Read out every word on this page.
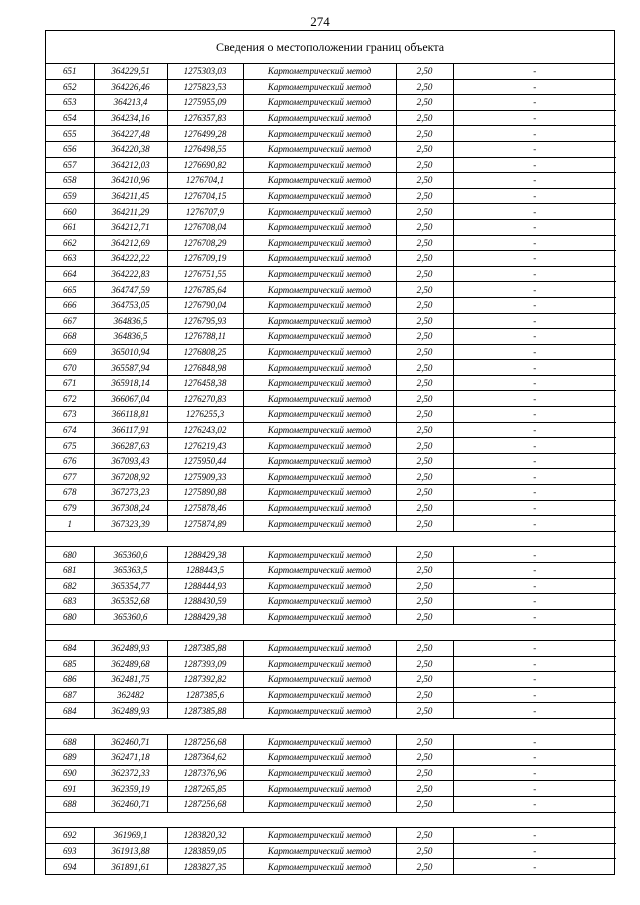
274
Сведения о местоположении границ объекта
651	364229,51	1275303,03	Картометрический метод	2,50	-
652	364226,46	1275823,53	Картометрический метод	2,50	-
653	364213,4	1275955,09	Картометрический метод	2,50	-
654	364234,16	1276357,83	Картометрический метод	2,50	-
655	364227,48	1276499,28	Картометрический метод	2,50	-
656	364220,38	1276498,55	Картометрический метод	2,50	-
657	364212,03	1276690,82	Картометрический метод	2,50	-
658	364210,96	1276704,1	Картометрический метод	2,50	-
659	364211,45	1276704,15	Картометрический метод	2,50	-
660	364211,29	1276707,9	Картометрический метод	2,50	-
661	364212,71	1276708,04	Картометрический метод	2,50	-
662	364212,69	1276708,29	Картометрический метод	2,50	-
663	364222,22	1276709,19	Картометрический метод	2,50	-
664	364222,83	1276751,55	Картометрический метод	2,50	-
665	364747,59	1276785,64	Картометрический метод	2,50	-
666	364753,05	1276790,04	Картометрический метод	2,50	-
667	364836,5	1276795,93	Картометрический метод	2,50	-
668	364836,5	1276788,11	Картометрический метод	2,50	-
669	365010,94	1276808,25	Картометрический метод	2,50	-
670	365587,94	1276848,98	Картометрический метод	2,50	-
671	365918,14	1276458,38	Картометрический метод	2,50	-
672	366067,04	1276270,83	Картометрический метод	2,50	-
673	366118,81	1276255,3	Картометрический метод	2,50	-
674	366117,91	1276243,02	Картометрический метод	2,50	-
675	366287,63	1276219,43	Картометрический метод	2,50	-
676	367093,43	1275950,44	Картометрический метод	2,50	-
677	367208,92	1275909,33	Картометрический метод	2,50	-
678	367273,23	1275890,88	Картометрический метод	2,50	-
679	367308,24	1275878,46	Картометрический метод	2,50	-
1	367323,39	1275874,89	Картометрический метод	2,50	-

680	365360,6	1288429,38	Картометрический метод	2,50	-
681	365363,5	1288443,5	Картометрический метод	2,50	-
682	365354,77	1288444,93	Картометрический метод	2,50	-
683	365352,68	1288430,59	Картометрический метод	2,50	-
680	365360,6	1288429,38	Картометрический метод	2,50	-

684	362489,93	1287385,88	Картометрический метод	2,50	-
685	362489,68	1287393,09	Картометрический метод	2,50	-
686	362481,75	1287392,82	Картометрический метод	2,50	-
687	362482	1287385,6	Картометрический метод	2,50	-
684	362489,93	1287385,88	Картометрический метод	2,50	-

688	362460,71	1287256,68	Картометрический метод	2,50	-
689	362471,18	1287364,62	Картометрический метод	2,50	-
690	362372,33	1287376,96	Картометрический метод	2,50	-
691	362359,19	1287265,85	Картометрический метод	2,50	-
688	362460,71	1287256,68	Картометрический метод	2,50	-

692	361969,1	1283820,32	Картометрический метод	2,50	-
693	361913,88	1283859,05	Картометрический метод	2,50	-
694	361891,61	1283827,35	Картометрический метод	2,50	-
